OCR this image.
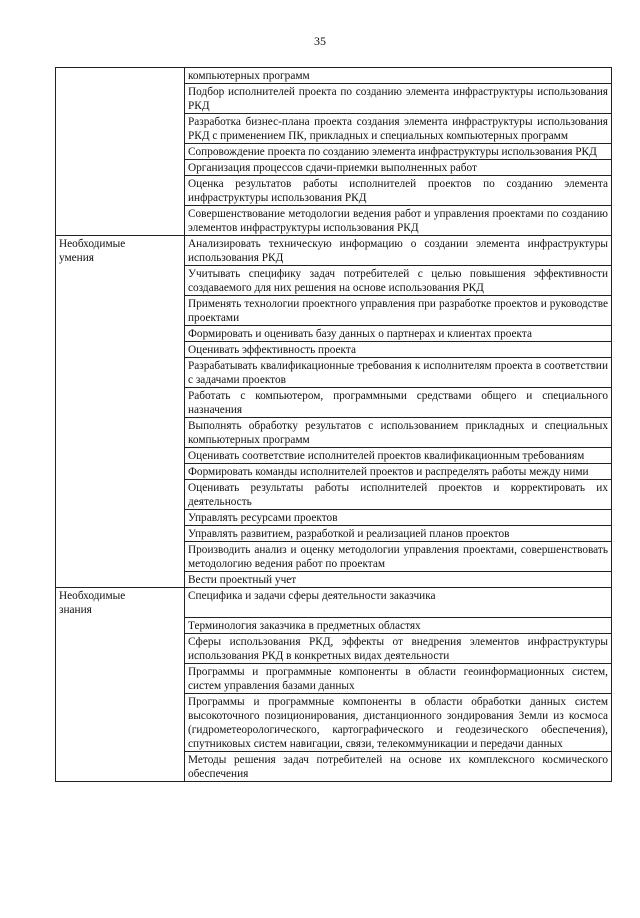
35
	компьютерных программ
	Подбор исполнителей проекта по созданию элемента инфраструктуры использования РКД
	Разработка бизнес-плана проекта создания элемента инфраструктуры использования РКД с применением ПК, прикладных и специальных компьютерных программ
	Сопровождение проекта по созданию элемента инфраструктуры использования РКД
	Организация процессов сдачи-приемки выполненных работ
	Оценка результатов работы исполнителей проектов по созданию элемента инфраструктуры использования РКД
	Совершенствование методологии ведения работ и управления проектами по созданию элементов инфраструктуры использования РКД

Необходимые
умения	Анализировать техническую информацию о создании элемента инфраструктуры использования РКД
	Учитывать специфику задач потребителей с целью повышения эффективности создаваемого для них решения на основе использования РКД
	Применять технологии проектного управления при разработке проектов и руководстве проектами
	Формировать и оценивать базу данных о партнерах и клиентах проекта
	Оценивать эффективность проекта
	Разрабатывать квалификационные требования к исполнителям проекта в соответствии с задачами проектов
	Работать с компьютером, программными средствами общего и специального назначения
	Выполнять обработку результатов с использованием прикладных и специальных компьютерных программ
	Оценивать соответствие исполнителей проектов квалификационным требованиям
	Формировать команды исполнителей проектов и распределять работы между ними
	Оценивать результаты работы исполнителей проектов и корректировать их деятельность
	Управлять ресурсами проектов
	Управлять развитием, разработкой и реализацией планов проектов
	Производить анализ и оценку методологии управления проектами, совершенствовать методологию ведения работ по проектам
	Вести проектный учет

Необходимые
знания	Специфика и задачи сферы деятельности заказчика
	Терминология заказчика в предметных областях
	Сферы использования РКД, эффекты от внедрения элементов инфраструктуры использования РКД в конкретных видах деятельности
	Программы и программные компоненты в области геоинформационных систем, систем управления базами данных
	Программы и программные компоненты в области обработки данных систем высокоточного позиционирования, дистанционного зондирования Земли из космоса (гидрометеорологического, картографического и геодезического обеспечения), спутниковых систем навигации, связи, телекоммуникации и передачи данных
	Методы решения задач потребителей на основе их комплексного космического обеспечения
